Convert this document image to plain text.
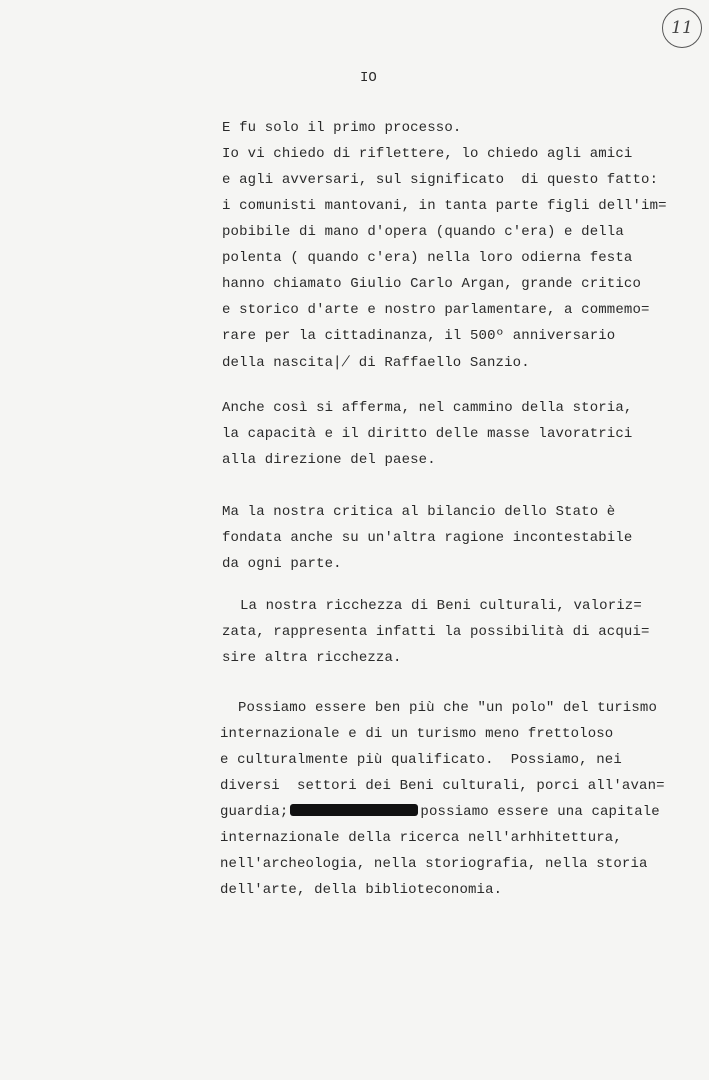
11
IO
E fu solo il primo processo.
Io vi chiedo di riflettere, lo chiedo agli amici
e agli avversari, sul significato  di questo fatto:
i comunisti mantovani, in tanta parte figli dell'im=
pobibile di mano d'opera (quando c'era) e della
polenta ( quando c'era) nella loro odierna festa
hanno chiamato Giulio Carlo Argan, grande critico
e storico d'arte e nostro parlamentare, a commemo=
rare per la cittadinanza, il 500º anniversario
della nascita∤ di Raffaello Sanzio.
Anche così si afferma, nel cammino della storia,
la capacità e il diritto delle masse lavoratrici
alla direzione del paese.
Ma la nostra critica al bilancio dello Stato è
fondata anche su un'altra ragione incontestabile
da ogni parte.
La nostra ricchezza di Beni culturali, valoriz=
zata, rappresenta infatti la possibilità di acqui=
sire altra ricchezza.
Possiamo essere ben più che "un polo" del turismo
internazionale e di un turismo meno frettoloso
e culturalmente più qualificato.  Possiamo, nei
diversi  settori dei Beni culturali, porci all'avan=
guardia;	possiamo essere una capitale
internazionale della ricerca nell'arhhitettura,
nell'archeologia, nella storiografia, nella storia
dell'arte, della biblioteconomia.
